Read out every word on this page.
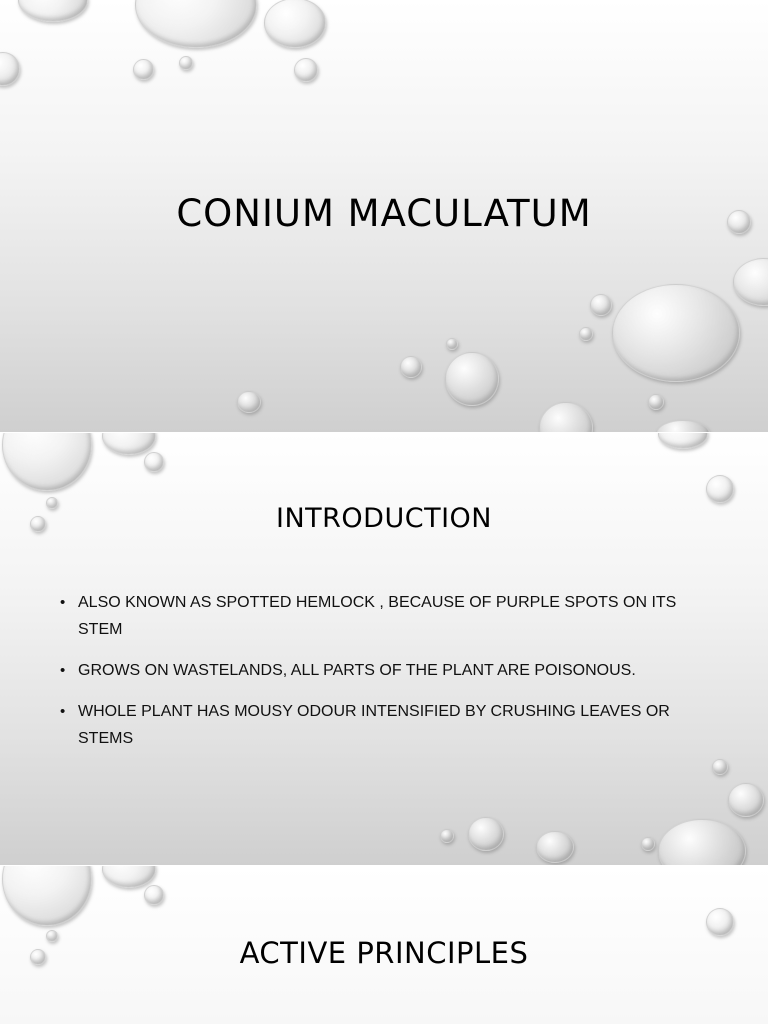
CONIUM MACULATUM
INTRODUCTION
• ALSO KNOWN AS SPOTTED HEMLOCK , BECAUSE OF PURPLE SPOTS ON ITS STEM
• GROWS ON WASTELANDS, ALL PARTS OF THE PLANT ARE POISONOUS.
• WHOLE PLANT HAS MOUSY ODOUR INTENSIFIED BY CRUSHING LEAVES OR STEMS
ACTIVE PRINCIPLES
